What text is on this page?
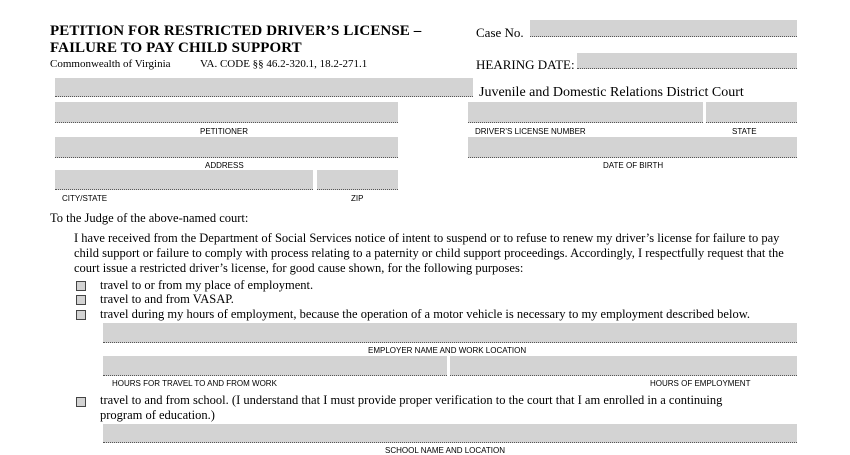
PETITION FOR RESTRICTED DRIVER’S LICENSE –
FAILURE TO PAY CHILD SUPPORT
Commonwealth of Virginia	VA. CODE §§ 46.2-320.1, 18.2-271.1
Case No.
HEARING DATE:
Juvenile and Domestic Relations District Court
PETITIONER	DRIVER’S LICENSE NUMBER	STATE
ADDRESS	DATE OF BIRTH
CITY/STATE	ZIP
To the Judge of the above-named court:
I have received from the Department of Social Services notice of intent to suspend or to refuse to renew my driver’s license for failure to pay
child support or failure to comply with process relating to a paternity or child support proceedings. Accordingly, I respectfully request that the
court issue a restricted driver’s license, for good cause shown, for the following purposes:
travel to or from my place of employment.
travel to and from VASAP.
travel during my hours of employment, because the operation of a motor vehicle is necessary to my employment described below.
EMPLOYER NAME AND WORK LOCATION
HOURS FOR TRAVEL TO AND FROM WORK	HOURS OF EMPLOYMENT
travel to and from school. (I understand that I must provide proper verification to the court that I am enrolled in a continuing
program of education.)
SCHOOL NAME AND LOCATION
